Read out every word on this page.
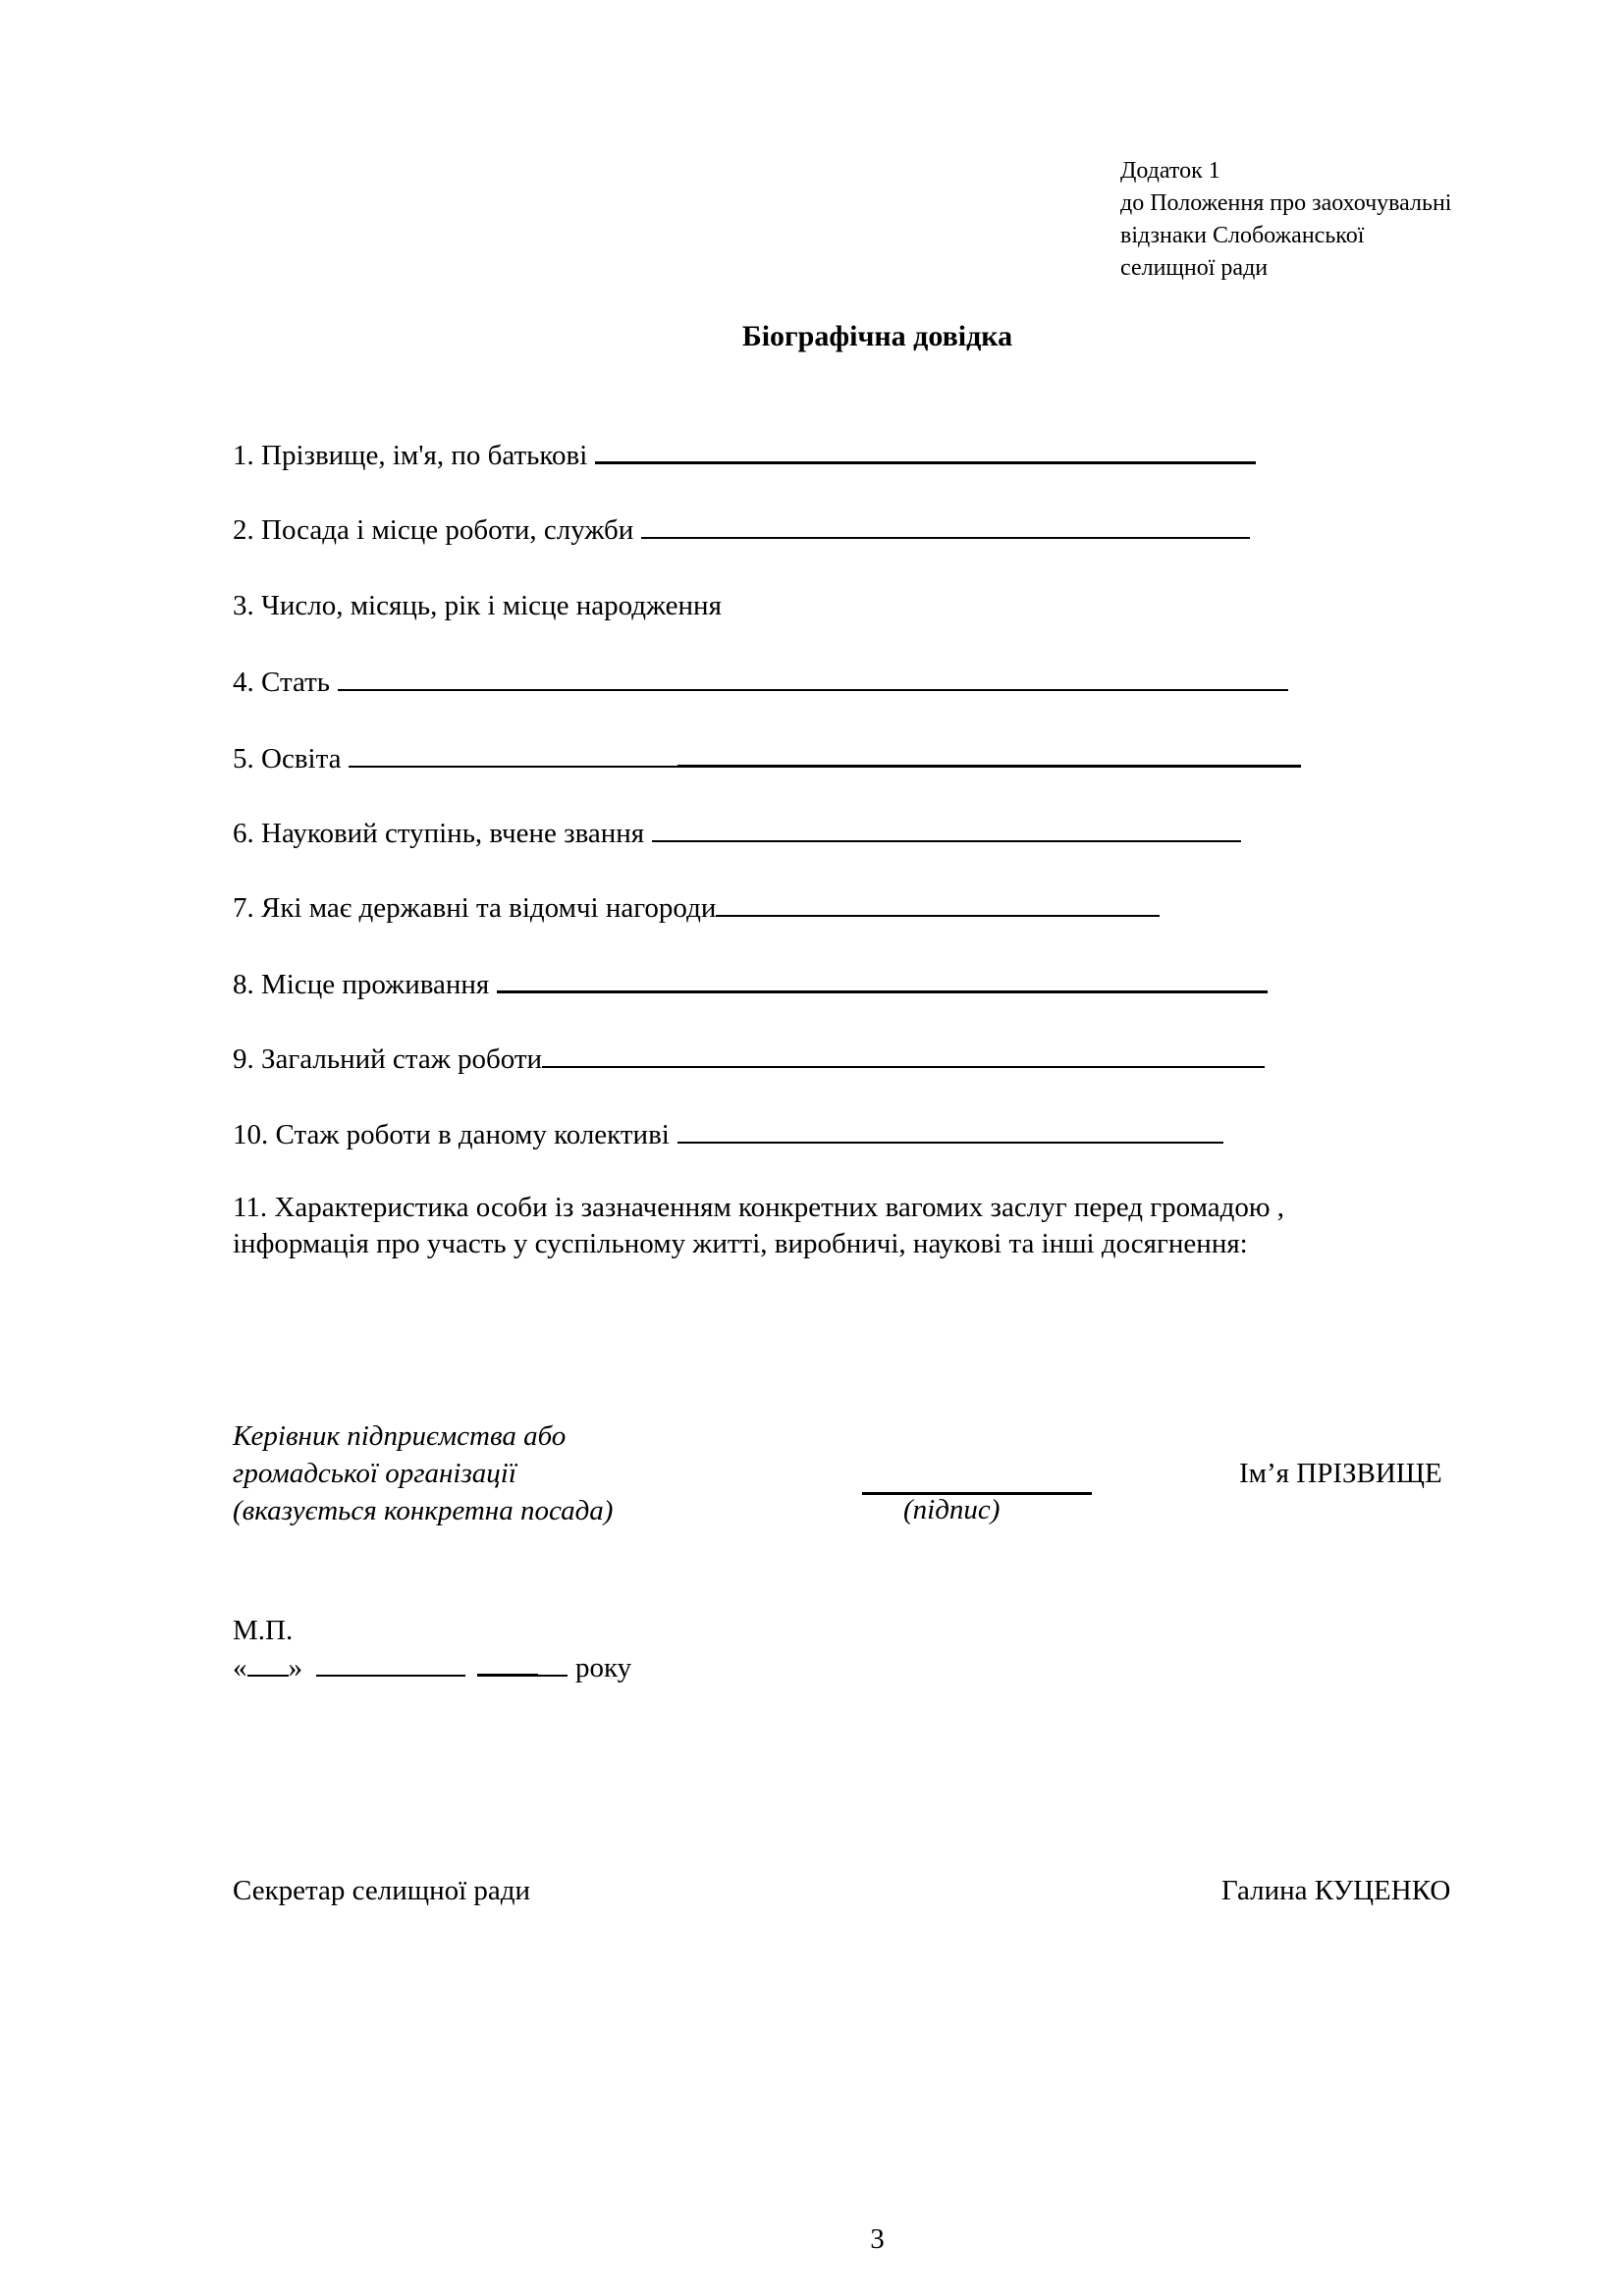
Додаток 1
до Положення про заохочувальні
відзнаки Слобожанської
селищної ради
Біографічна довідка
1. Прізвище, ім'я, по батькові
2. Посада і місце роботи, служби
3. Число, місяць, рік і місце народження
4. Стать
5. Освіта
6. Науковий ступінь, вчене звання
7. Які має державні та відомчі нагороди
8. Місце проживання
9. Загальний стаж роботи
10. Стаж роботи в даному колективі
11. Характеристика особи із зазначенням конкретних вагомих заслуг перед громадою ,
інформація про участь у суспільному житті, виробничі, наукові та інші досягнення:
Керівник підприємства або
громадської організації
(вказується конкретна посада)	(підпис)
Ім’я ПРІЗВИЩЕ
М.П.
« »	року
Секретар селищної ради	Галина КУЦЕНКО
3
